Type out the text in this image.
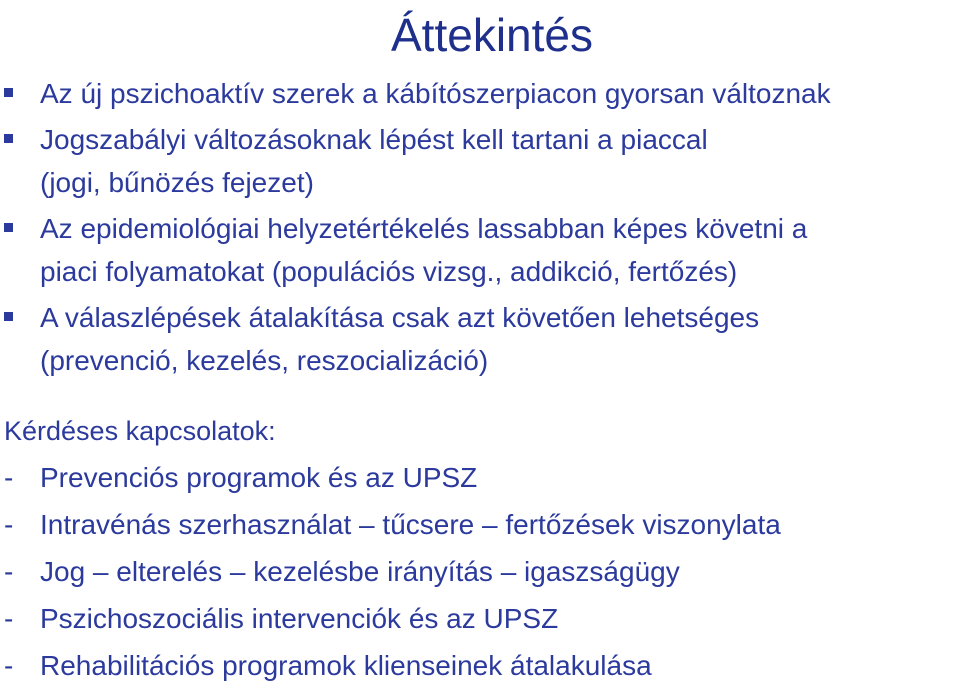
Áttekintés
Az új pszichoaktív szerek a kábítószerpiacon gyorsan változnak
Jogszabályi változásoknak lépést kell tartani a piaccal
(jogi, bűnözés fejezet)
Az epidemiológiai helyzetértékelés lassabban képes követni a
piaci folyamatokat (populációs vizsg., addikció, fertőzés)
A válaszlépések átalakítása csak azt követően lehetséges
(prevenció, kezelés, reszocializáció)
Kérdéses kapcsolatok:
- Prevenciós programok és az UPSZ
- Intravénás szerhasználat – tűcsere – fertőzések viszonylata
- Jog – elterelés – kezelésbe irányítás – igaszságügy
- Pszichoszociális intervenciók és az UPSZ
- Rehabilitációs programok klienseinek átalakulása
